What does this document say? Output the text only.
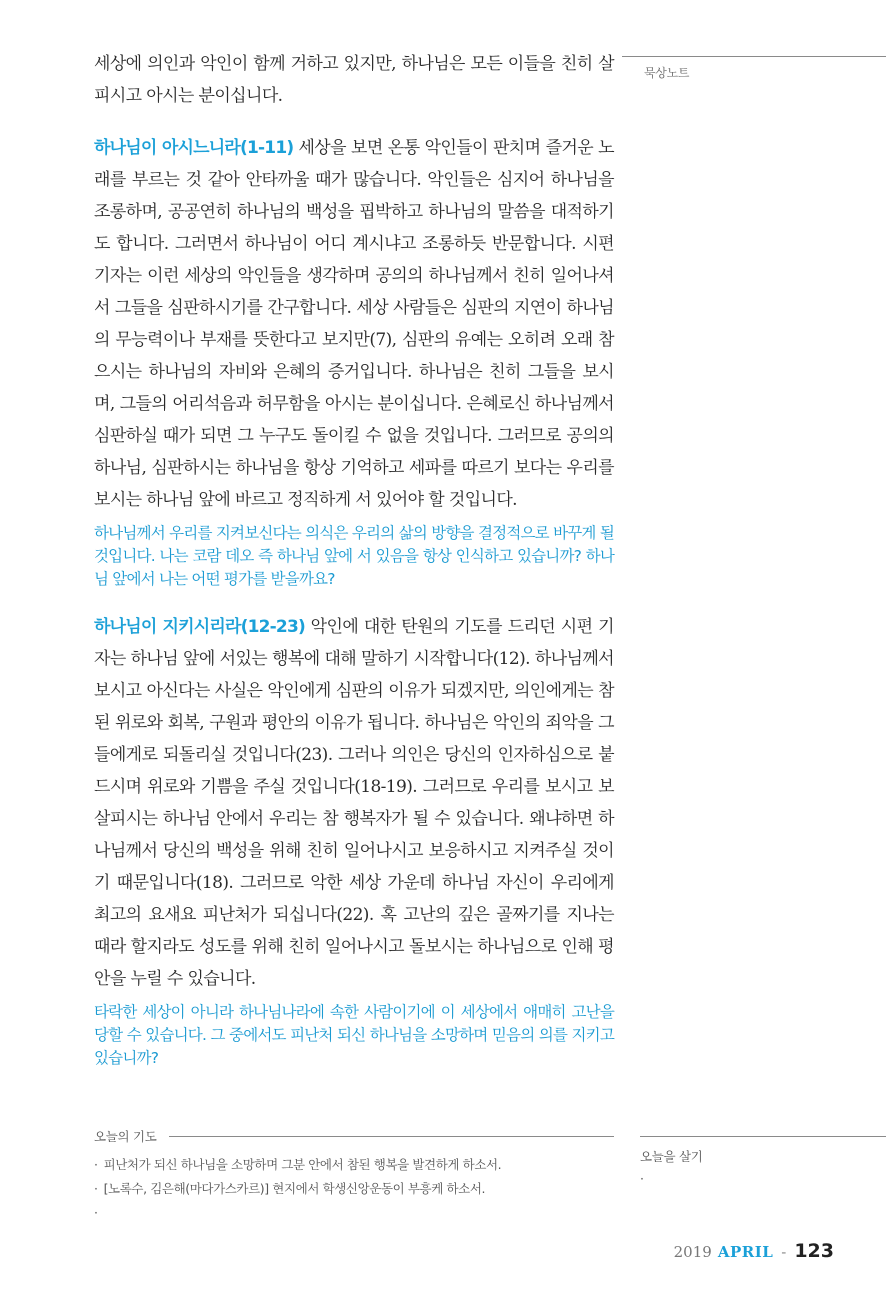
묵상노트

세상에 의인과 악인이 함께 거하고 있지만, 하나님은 모든 이들을 친히 살피시고 아시는 분이십니다.

하나님이 아시느니라(1-11) 세상을 보면 온통 악인들이 판치며 즐거운 노래를 부르는 것 같아 안타까울 때가 많습니다. 악인들은 심지어 하나님을 조롱하며, 공공연히 하나님의 백성을 핍박하고 하나님의 말씀을 대적하기도 합니다. 그러면서 하나님이 어디 계시냐고 조롱하듯 반문합니다. 시편 기자는 이런 세상의 악인들을 생각하며 공의의 하나님께서 친히 일어나셔서 그들을 심판하시기를 간구합니다. 세상 사람들은 심판의 지연이 하나님의 무능력이나 부재를 뜻한다고 보지만(7), 심판의 유예는 오히려 오래 참으시는 하나님의 자비와 은혜의 증거입니다. 하나님은 친히 그들을 보시며, 그들의 어리석음과 허무함을 아시는 분이십니다. 은혜로신 하나님께서 심판하실 때가 되면 그 누구도 돌이킬 수 없을 것입니다. 그러므로 공의의 하나님, 심판하시는 하나님을 항상 기억하고 세파를 따르기 보다는 우리를 보시는 하나님 앞에 바르고 정직하게 서 있어야 할 것입니다.

하나님께서 우리를 지켜보신다는 의식은 우리의 삶의 방향을 결정적으로 바꾸게 될 것입니다. 나는 코람 데오 즉 하나님 앞에 서 있음을 항상 인식하고 있습니까? 하나님 앞에서 나는 어떤 평가를 받을까요?

하나님이 지키시리라(12-23) 악인에 대한 탄원의 기도를 드리던 시편 기자는 하나님 앞에 서있는 행복에 대해 말하기 시작합니다(12). 하나님께서 보시고 아신다는 사실은 악인에게 심판의 이유가 되겠지만, 의인에게는 참된 위로와 회복, 구원과 평안의 이유가 됩니다. 하나님은 악인의 죄악을 그들에게로 되돌리실 것입니다(23). 그러나 의인은 당신의 인자하심으로 붙드시며 위로와 기쁨을 주실 것입니다(18-19). 그러므로 우리를 보시고 보살피시는 하나님 안에서 우리는 참 행복자가 될 수 있습니다. 왜냐하면 하나님께서 당신의 백성을 위해 친히 일어나시고 보응하시고 지켜주실 것이기 때문입니다(18). 그러므로 악한 세상 가운데 하나님 자신이 우리에게 최고의 요새요 피난처가 되십니다(22). 혹 고난의 깊은 골짜기를 지나는 때라 할지라도 성도를 위해 친히 일어나시고 돌보시는 하나님으로 인해 평안을 누릴 수 있습니다.

타락한 세상이 아니라 하나님나라에 속한 사람이기에 이 세상에서 애매히 고난을 당할 수 있습니다. 그 중에서도 피난처 되신 하나님을 소망하며 믿음의 의를 지키고 있습니까?

오늘의 기도
· 피난처가 되신 하나님을 소망하며 그분 안에서 참된 행복을 발견하게 하소서.
· [노록수, 김은해(마다가스카르)] 현지에서 학생신앙운동이 부흥케 하소서.
·
오늘을 살기
·
2019 APRIL - 123
